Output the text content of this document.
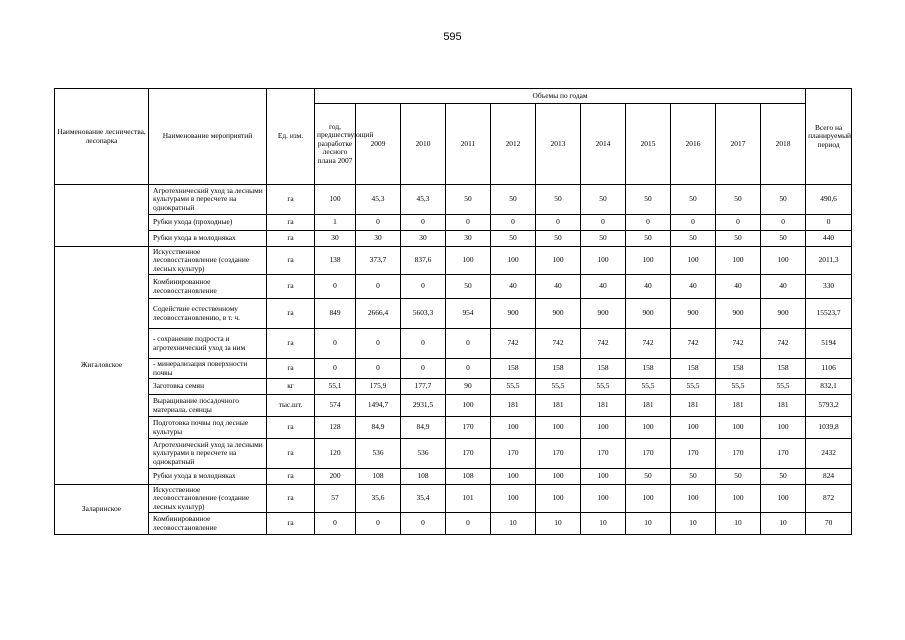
595
Наименование лесничества, лесопарка	Наименование мероприятий	Ед. изм.	Объемы по годам											Всего на планируемый период
			год, предшествующий разработке лесного плана 2007	2009	2010	2011	2012	2013	2014	2015	2016	2017	2018	
	Агротехнический уход за лесными культурами в пересчете на однократный	га	100	45,3	45,3	50	50	50	50	50	50	50	50	490,6
	Рубки ухода (проходные)	га	1	0	0	0	0	0	0	0	0	0	0	0
	Рубки ухода в молодняках	га	30	30	30	30	50	50	50	50	50	50	50	440
Жигаловское	Искусственное лесовосстановление (создание лесных культур)	га	138	373,7	837,6	100	100	100	100	100	100	100	100	2011,3
	Комбинированное лесовосстановление	га	0	0	0	50	40	40	40	40	40	40	40	330
	Содействие естественному лесовосстановлению, в т. ч.	га	849	2666,4	5603,3	954	900	900	900	900	900	900	900	15523,7
	- сохранение подроста и агротехнический уход за ним	га	0	0	0	0	742	742	742	742	742	742	742	5194
	- минерализация поверхности почвы	га	0	0	0	0	158	158	158	158	158	158	158	1106
	Заготовка семян	кг	55,1	175,9	177,7	90	55,5	55,5	55,5	55,5	55,5	55,5	55,5	832,1
	Выращивание посадочного материала, сеянцы	тыс.шт.	574	1494,7	2931,5	100	181	181	181	181	181	181	181	5793,2
	Подготовка почвы под лесные культуры	га	128	84,9	84,9	170	100	100	100	100	100	100	100	1039,8
	Агротехнический уход за лесными культурами в пересчете на однократный	га	120	536	536	170	170	170	170	170	170	170	170	2432
	Рубки ухода в молодняках	га	200	108	108	108	100	100	100	50	50	50	50	824
Заларинское	Искусственное лесовосстановление (создание лесных культур)	га	57	35,6	35,4	101	100	100	100	100	100	100	100	872
	Комбинированное лесовосстановление	га	0	0	0	0	10	10	10	10	10	10	10	70
